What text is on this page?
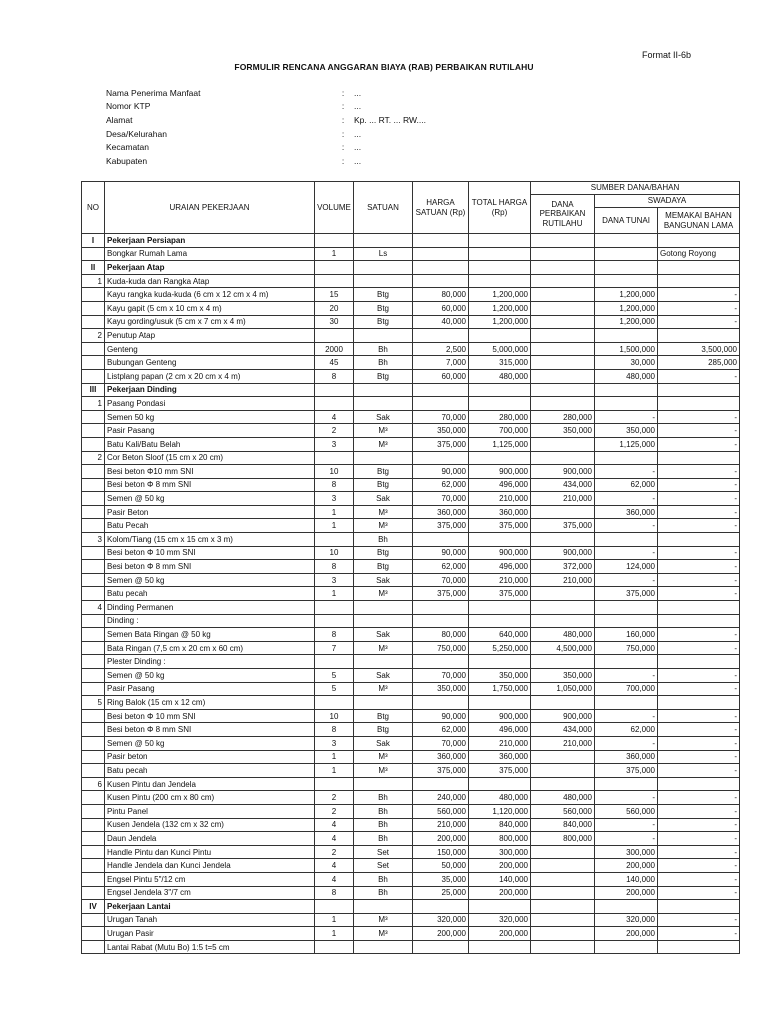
Format II-6b
FORMULIR RENCANA ANGGARAN BIAYA (RAB) PERBAIKAN RUTILAHU
Nama Penerima Manfaat	:	...
Nomor KTP	:	...
Alamat	:	Kp. ... RT. ... RW....
Desa/Kelurahan	:	...
Kecamatan	:	...
Kabupaten	:	...
NO	URAIAN PEKERJAAN	VOLUME	SATUAN	HARGA SATUAN (Rp)	TOTAL HARGA (Rp)	SUMBER DANA/BAHAN		
						DANA PERBAIKAN RUTILAHU	SWADAYA	
							DANA TUNAI	MEMAKAI BAHAN BANGUNAN LAMA
I	Pekerjaan Persiapan							
	Bongkar Rumah Lama	1	Ls					Gotong Royong
II	Pekerjaan Atap							
1	Kuda-kuda dan Rangka Atap							
	Kayu rangka kuda-kuda (6 cm x 12 cm x 4 m)	15	Btg	80,000	1,200,000		1,200,000	-
	Kayu gapit (5 cm x 10 cm x 4 m)	20	Btg	60,000	1,200,000		1,200,000	-
	Kayu gording/usuk (5 cm x 7 cm x 4 m)	30	Btg	40,000	1,200,000		1,200,000	-
2	Penutup Atap							
	Genteng	2000	Bh	2,500	5,000,000		1,500,000	3,500,000
	Bubungan Genteng	45	Bh	7,000	315,000		30,000	285,000
	Listplang papan (2 cm x 20 cm x 4 m)	8	Btg	60,000	480,000		480,000	-
III	Pekerjaan Dinding							
1	Pasang Pondasi							
	Semen 50 kg	4	Sak	70,000	280,000	280,000	-	-
	Pasir Pasang	2	M³	350,000	700,000	350,000	350,000	-
	Batu Kali/Batu Belah	3	M³	375,000	1,125,000		1,125,000	-
2	Cor Beton Sloof (15 cm x 20 cm)							
	Besi beton Φ10 mm SNI	10	Btg	90,000	900,000	900,000	-	-
	Besi beton Φ 8 mm SNI	8	Btg	62,000	496,000	434,000	62,000	-
	Semen @ 50 kg	3	Sak	70,000	210,000	210,000	-	-
	Pasir Beton	1	M³	360,000	360,000		360,000	-
	Batu Pecah	1	M³	375,000	375,000	375,000	-	-
3	Kolom/Tiang (15 cm x 15 cm x 3 m)		Bh					
	Besi beton Φ 10 mm SNI	10	Btg	90,000	900,000	900,000	-	-
	Besi beton Φ 8 mm SNI	8	Btg	62,000	496,000	372,000	124,000	-
	Semen @ 50 kg	3	Sak	70,000	210,000	210,000	-	-
	Batu pecah	1	M³	375,000	375,000		375,000	-
4	Dinding Permanen							
	Dinding :							
	Semen Bata Ringan @ 50 kg	8	Sak	80,000	640,000	480,000	160,000	-
	Bata Ringan (7,5 cm x 20 cm x 60 cm)	7	M³	750,000	5,250,000	4,500,000	750,000	-
	Plester Dinding :							
	Semen @ 50 kg	5	Sak	70,000	350,000	350,000	-	-
	Pasir Pasang	5	M³	350,000	1,750,000	1,050,000	700,000	-
5	Ring Balok (15 cm x 12 cm)							
	Besi beton Φ 10 mm SNI	10	Btg	90,000	900,000	900,000	-	-
	Besi beton Φ 8 mm SNI	8	Btg	62,000	496,000	434,000	62,000	-
	Semen @ 50 kg	3	Sak	70,000	210,000	210,000	-	-
	Pasir beton	1	M³	360,000	360,000		360,000	-
	Batu pecah	1	M³	375,000	375,000		375,000	-
6	Kusen Pintu dan Jendela							
	Kusen Pintu (200 cm x 80 cm)	2	Bh	240,000	480,000	480,000	-	-
	Pintu Panel	2	Bh	560,000	1,120,000	560,000	560,000	-
	Kusen Jendela (132 cm x 32 cm)	4	Bh	210,000	840,000	840,000	-	-
	Daun Jendela	4	Bh	200,000	800,000	800,000	-	-
	Handle Pintu dan Kunci Pintu	2	Set	150,000	300,000		300,000	-
	Handle Jendela dan Kunci Jendela	4	Set	50,000	200,000		200,000	-
	Engsel Pintu 5"/12 cm	4	Bh	35,000	140,000		140,000	-
	Engsel Jendela 3"/7 cm	8	Bh	25,000	200,000		200,000	-
IV	Pekerjaan Lantai							
	Urugan Tanah	1	M³	320,000	320,000		320,000	-
	Urugan Pasir	1	M³	200,000	200,000		200,000	-
	Lantai Rabat (Mutu Bo) 1:5 t=5 cm							
